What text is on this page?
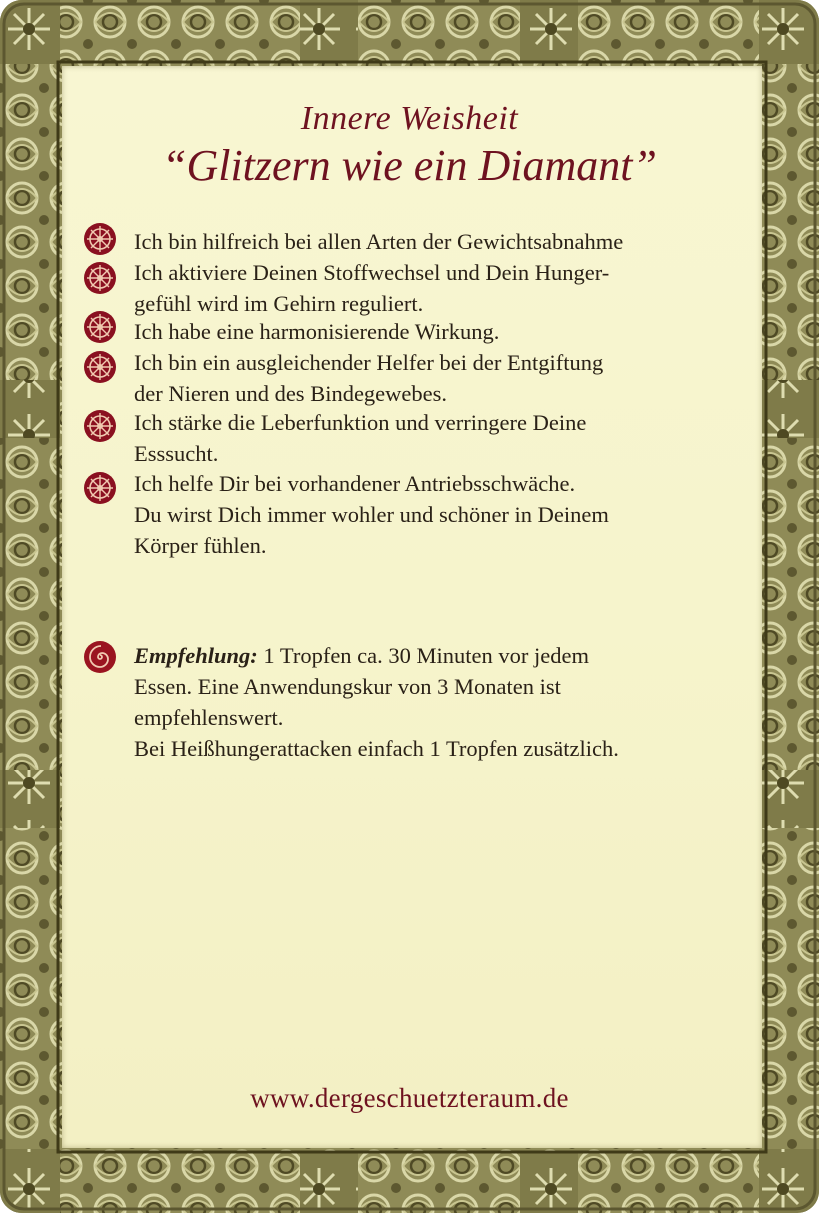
Innere Weisheit
“Glitzern wie ein Diamant”
Ich bin hilfreich bei allen Arten der Gewichtsabnahme
Ich aktiviere Deinen Stoffwechsel und Dein Hunger-
gefühl wird im Gehirn reguliert.
Ich habe eine harmonisierende Wirkung.
Ich bin ein ausgleichender Helfer bei der Entgiftung
der Nieren und des Bindegewebes.
Ich stärke die Leberfunktion und verringere Deine
Esssucht.
Ich helfe Dir bei vorhandener Antriebsschwäche.
Du wirst Dich immer wohler und schöner in Deinem
Körper fühlen.
Empfehlung: 1 Tropfen ca. 30 Minuten vor jedem
Essen. Eine Anwendungskur von 3 Monaten ist
empfehlenswert.
Bei Heißhungerattacken einfach 1 Tropfen zusätzlich.
www.dergeschuetzteraum.de
